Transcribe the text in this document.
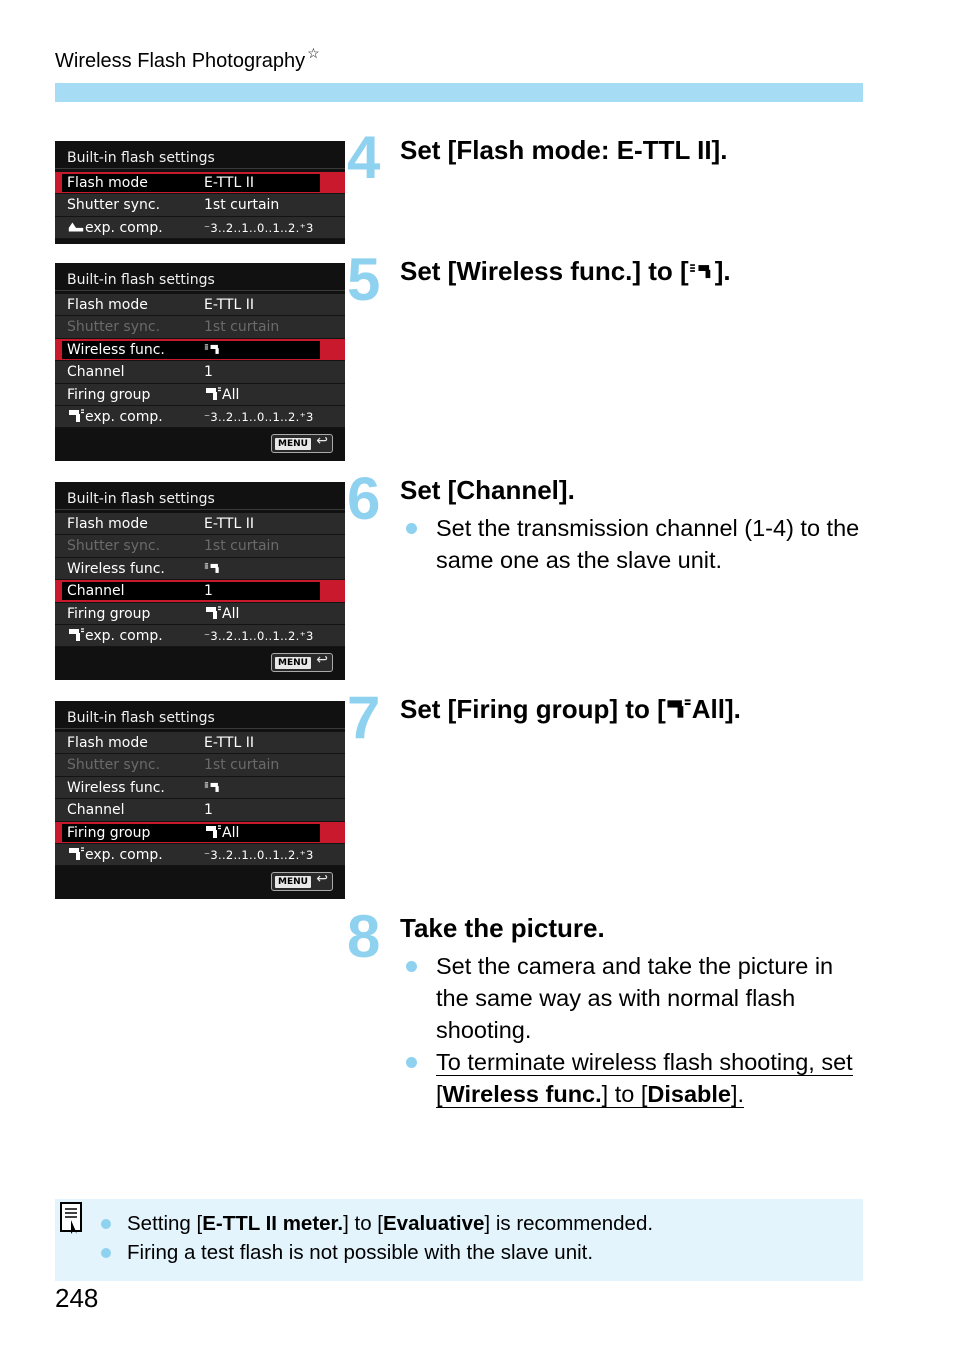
Wireless Flash Photography ☆
Built-in flash settings
Flash mode	E-TTL II
Shutter sync.	1st curtain
exp. comp.	⁻3..2..1..0..1..2.⁺3
Built-in flash settings
Flash mode	E-TTL II
Shutter sync.	1st curtain
Wireless func.
Channel	1
Firing group	All
exp. comp.	⁻3..2..1..0..1..2.⁺3
MENU ↩
Built-in flash settings
Flash mode	E-TTL II
Shutter sync.	1st curtain
Wireless func.
Channel	1
Firing group	All
exp. comp.	⁻3..2..1..0..1..2.⁺3
MENU ↩
Built-in flash settings
Flash mode	E-TTL II
Shutter sync.	1st curtain
Wireless func.
Channel	1
Firing group	All
exp. comp.	⁻3..2..1..0..1..2.⁺3
MENU ↩
4 Set [Flash mode: E-TTL II].
5 Set [Wireless func.] to [ ].
6 Set [Channel].
Set the transmission channel (1-4) to the same one as the slave unit.
7 Set [Firing group] to [ All].
8 Take the picture.
Set the camera and take the picture in the same way as with normal flash shooting.
To terminate wireless flash shooting, set [Wireless func.] to [Disable].
Setting [E-TTL II meter.] to [Evaluative] is recommended.
Firing a test flash is not possible with the slave unit.
248
